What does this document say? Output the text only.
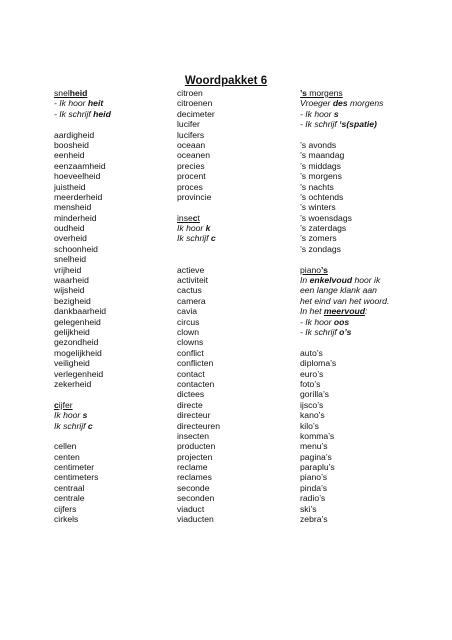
Woordpakket 6
snelheid
- Ik hoor heit
- Ik schrijf heid
aardigheid
boosheid
eenheid
eenzaamheid
hoeveelheid
juistheid
meerderheid
mensheid
minderheid
oudheid
overheid
schoonheid
snelheid
vrijheid
waarheid
wijsheid
bezigheid
dankbaarheid
gelegenheid
gelijkheid
gezondheid
mogelijkheid
veiligheid
verlegenheid
zekerheid
cijfer
Ik hoor s
Ik schrijf c
cellen
centen
centimeter
centimeters
centraal
centrale
cijfers
cirkels
citroen
citroenen
decimeter
lucifer
lucifers
oceaan
oceanen
precies
procent
proces
provincie
insect
Ik hoor k
Ik schrijf c
actieve
activiteit
cactus
camera
cavia
circus
clown
clowns
conflict
conflicten
contact
contacten
dictees
directe
directeur
directeuren
insecten
producten
projecten
reclame
reclames
seconde
seconden
viaduct
viaducten
’s morgens
Vroeger des morgens
- Ik hoor s
- Ik schrijf ‘s(spatie)
’s avonds
’s maandag
’s middags
’s morgens
’s nachts
’s ochtends
’s winters
’s woensdags
’s zaterdags
’s zomers
’s zondags
piano’s
In enkelvoud hoor ik
een lange klank aan
het eind van het woord.
In het meervoud:
- Ik hoor oos
- Ik schrijf o’s
auto’s
diploma’s
euro’s
foto’s
gorilla’s
ijsco’s
kano’s
kilo’s
komma’s
menu’s
pagina’s
paraplu’s
piano’s
pinda’s
radio’s
ski’s
zebra’s
